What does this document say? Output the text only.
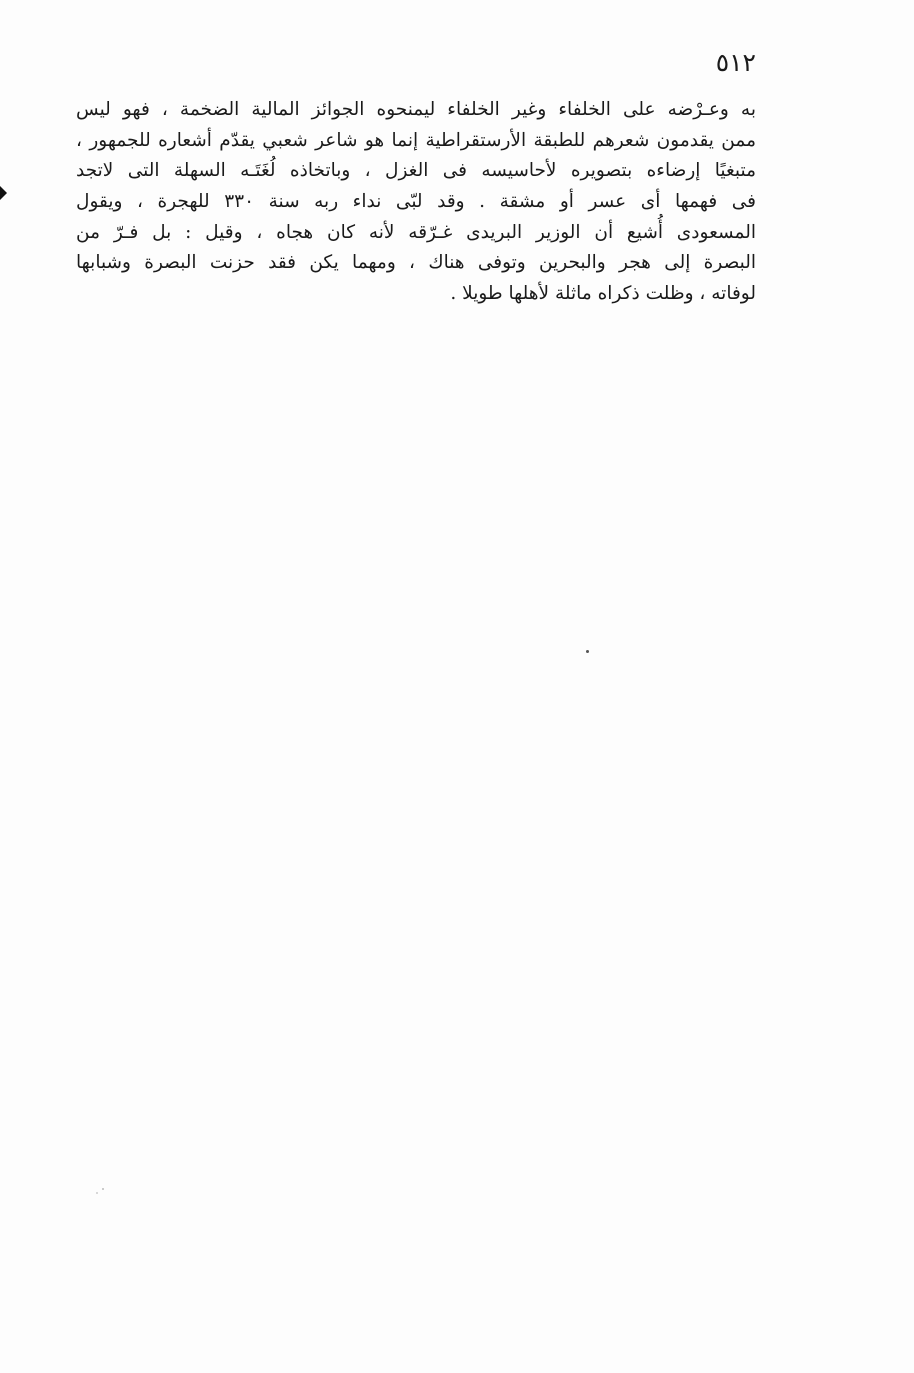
٥١٢
به وعـرْضه على الخلفاء وغير الخلفاء ليمنحوه الجوائز المالية الضخمة ، فهو ليس
ممن يقدمون شعرهم للطبقة الأرستقراطية إنما هو شاعر شعبي يقدّم أشعاره للجمهور ،
متبغيًا إرضاءه بتصويره لأحاسيسه فى الغزل ، وباتخاذه لُغَتَـه السهلة التى لاتجد
فى فهمها أى عسر أو مشقة . وقد لبّى نداء ربه سنة ٣٣٠ للهجرة ، ويقول
المسعودى أُشيع أن الوزير البريدى غـرّقه لأنه كان هجاه ، وقيل : بل فـرّ من
البصرة إلى هجر والبحرين وتوفى هناك ، ومهما يكن فقد حزنت البصرة وشبابها
لوفاته ، وظلت ذكراه ماثلة لأهلها طويلا .
